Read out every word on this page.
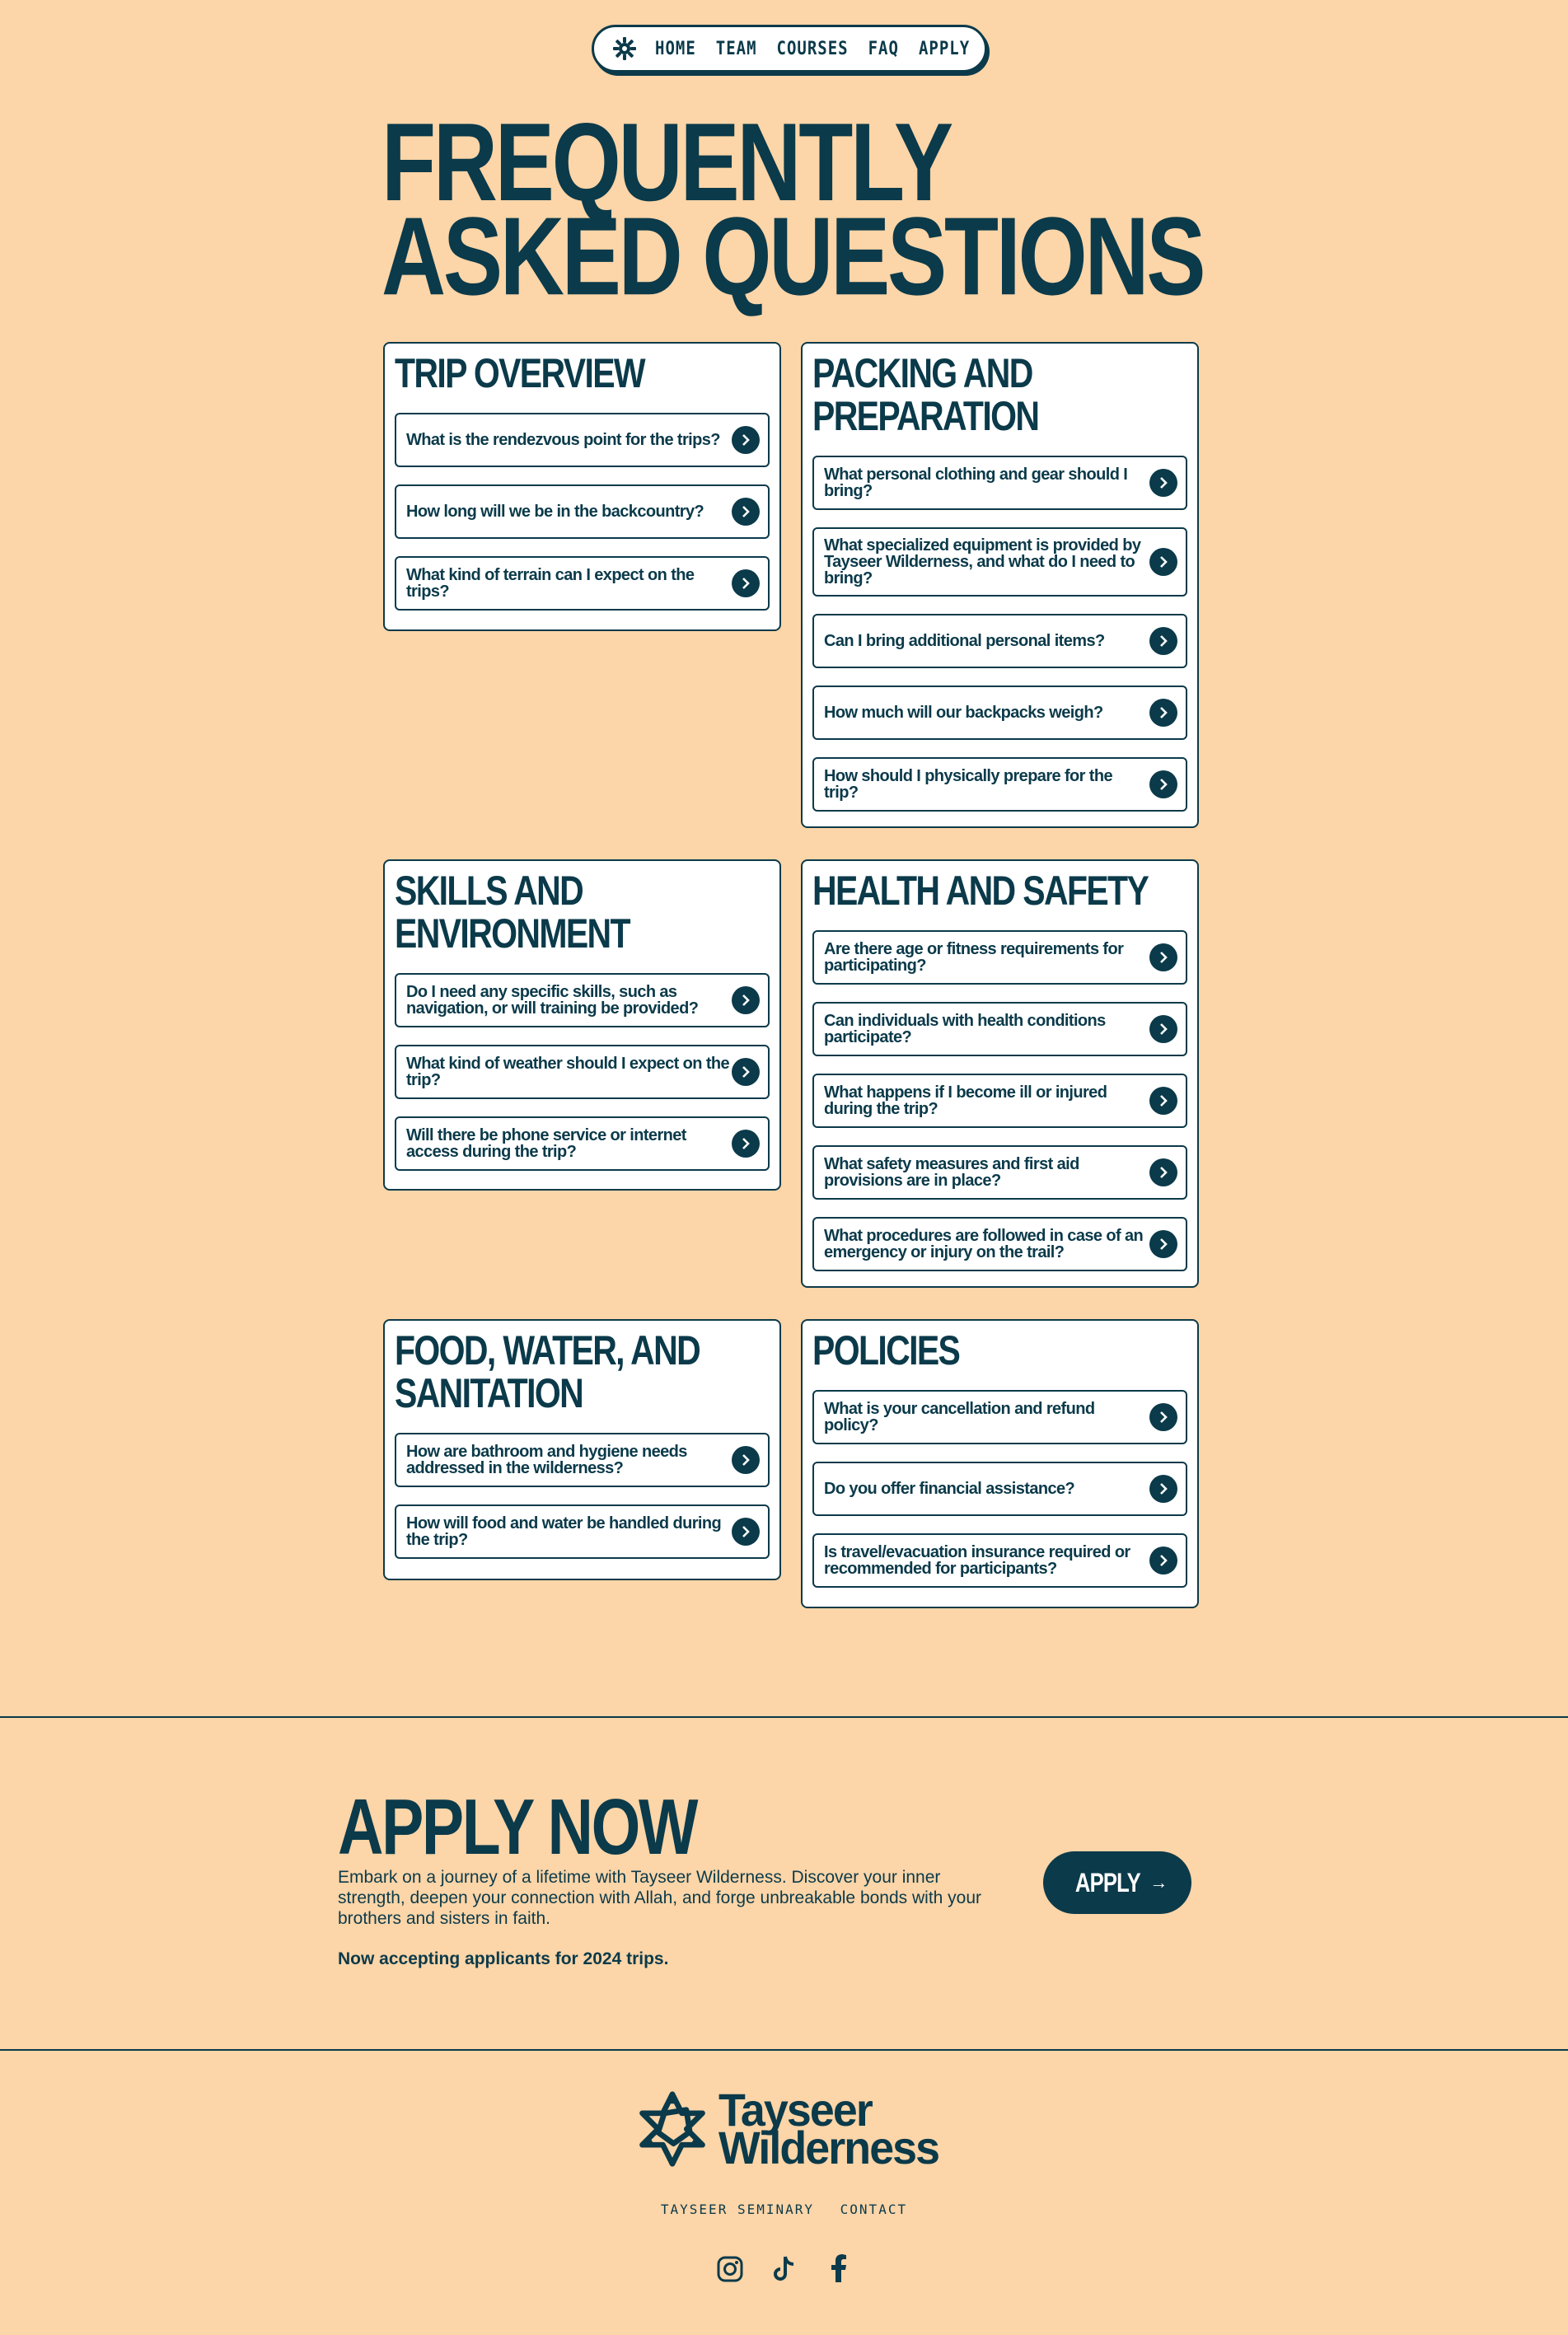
HOME TEAM COURSES FAQ APPLY
FREQUENTLY
ASKED QUESTIONS
TRIP OVERVIEW
What is the rendezvous point for the trips?
How long will we be in the backcountry?
What kind of terrain can I expect on the trips?
PACKING AND
PREPARATION
What personal clothing and gear should I bring?
What specialized equipment is provided by Tayseer Wilderness, and what do I need to bring?
Can I bring additional personal items?
How much will our backpacks weigh?
How should I physically prepare for the trip?
SKILLS AND
ENVIRONMENT
Do I need any specific skills, such as navigation, or will training be provided?
What kind of weather should I expect on the trip?
Will there be phone service or internet access during the trip?
HEALTH AND SAFETY
Are there age or fitness requirements for participating?
Can individuals with health conditions participate?
What happens if I become ill or injured during the trip?
What safety measures and first aid provisions are in place?
What procedures are followed in case of an emergency or injury on the trail?
FOOD, WATER, AND
SANITATION
How are bathroom and hygiene needs addressed in the wilderness?
How will food and water be handled during the trip?
POLICIES
What is your cancellation and refund policy?
Do you offer financial assistance?
Is travel/evacuation insurance required or recommended for participants?
APPLY NOW

Embark on a journey of a lifetime with Tayseer Wilderness. Discover your inner strength, deepen your connection with Allah, and forge unbreakable bonds with your brothers and sisters in faith.

Now accepting applicants for 2024 trips.

APPLY →
Tayseer
Wilderness
TAYSEER SEMINARY CONTACT
